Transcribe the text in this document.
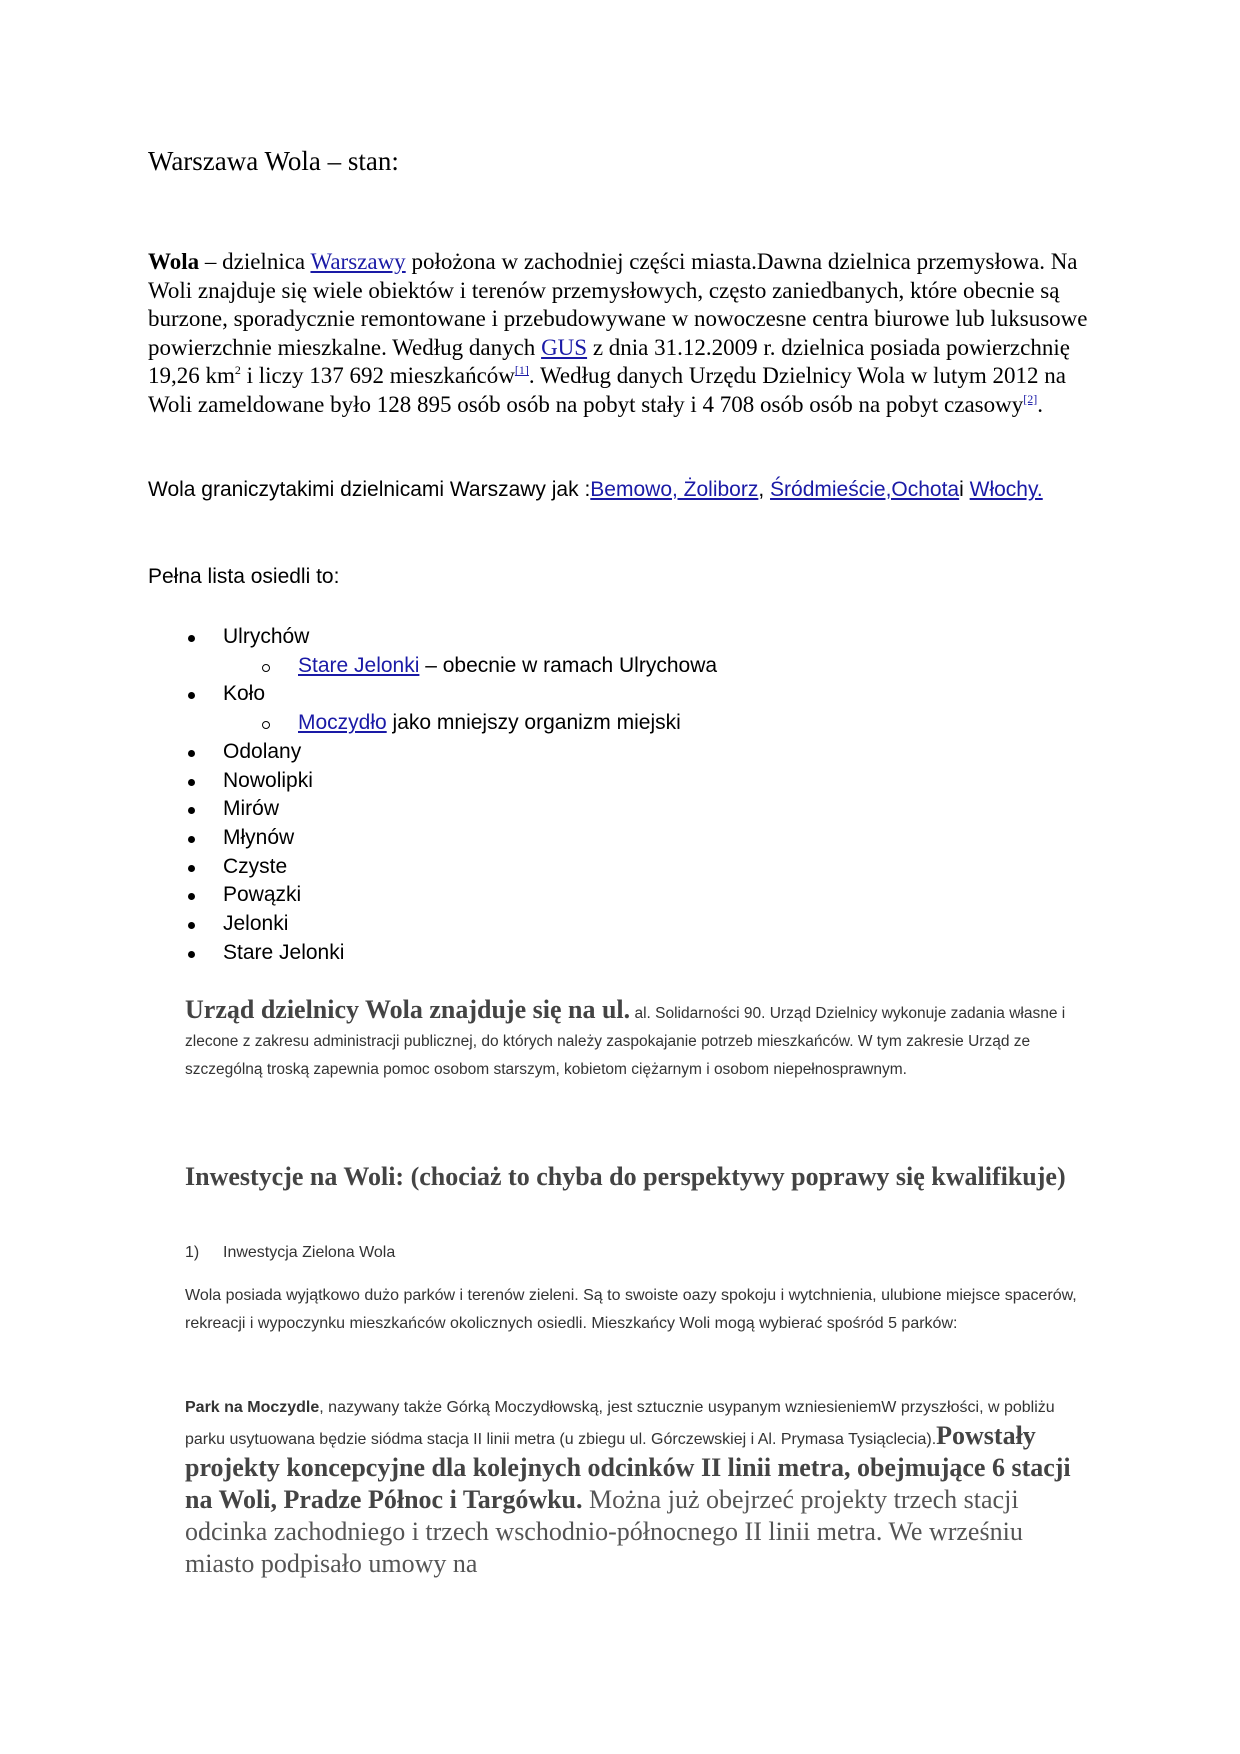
Warszawa Wola – stan:

Wola – dzielnica Warszawy położona w zachodniej części miasta.Dawna dzielnica przemysłowa. Na Woli znajduje się wiele obiektów i terenów przemysłowych, często zaniedbanych, które obecnie są burzone, sporadycznie remontowane i przebudowywane w nowoczesne centra biurowe lub luksusowe powierzchnie mieszkalne. Według danych GUS z dnia 31.12.2009 r. dzielnica posiada powierzchnię 19,26 $km^2$ i liczy 137 692 mieszkańców[1]. Według danych Urzędu Dzielnicy Wola w lutym 2012 na Woli zameldowane było 128 895 osób osób na pobyt stały i 4 708 osób osób na pobyt czasowy[2].

Wola graniczytakimi dzielnicami Warszawy jak :Bemowo, Żoliborz, Śródmieście,Ochotai Włochy.

Pełna lista osiedli to:
Ulrychów
Stare Jelonki – obecnie w ramach Ulrychowa
Koło
Moczydło jako mniejszy organizm miejski
Odolany
Nowolipki
Mirów
Młynów
Czyste
Powązki
Jelonki
Stare Jelonki

Urząd dzielnicy Wola znajduje się na ul. al. Solidarności 90. Urząd Dzielnicy wykonuje zadania własne i zlecone z zakresu administracji publicznej, do których należy zaspokajanie potrzeb mieszkańców. W tym zakresie Urząd ze szczególną troską zapewnia pomoc osobom starszym, kobietom ciężarnym i osobom niepełnosprawnym.

Inwestycje na Woli: (chociaż to chyba do perspektywy poprawy się kwalifikuje)
1) Inwestycja Zielona Wola

Wola posiada wyjątkowo dużo parków i terenów zieleni. Są to swoiste oazy spokoju i wytchnienia, ulubione miejsce spacerów, rekreacji i wypoczynku mieszkańców okolicznych osiedli. Mieszkańcy Woli mogą wybierać spośród 5 parków:

Park na Moczydle, nazywany także Górką Moczydłowską, jest sztucznie usypanym wzniesieniemW przyszłości, w pobliżu parku usytuowana będzie siódma stacja II linii metra (u zbiegu ul. Górczewskiej i Al. Prymasa Tysiąclecia).Powstały projekty koncepcyjne dla kolejnych odcinków II linii metra, obejmujące 6 stacji na Woli, Pradze Północ i Targówku. Można już obejrzeć projekty trzech stacji odcinka zachodniego i trzech wschodnio-północnego II linii metra. We wrześniu miasto podpisało umowy na
